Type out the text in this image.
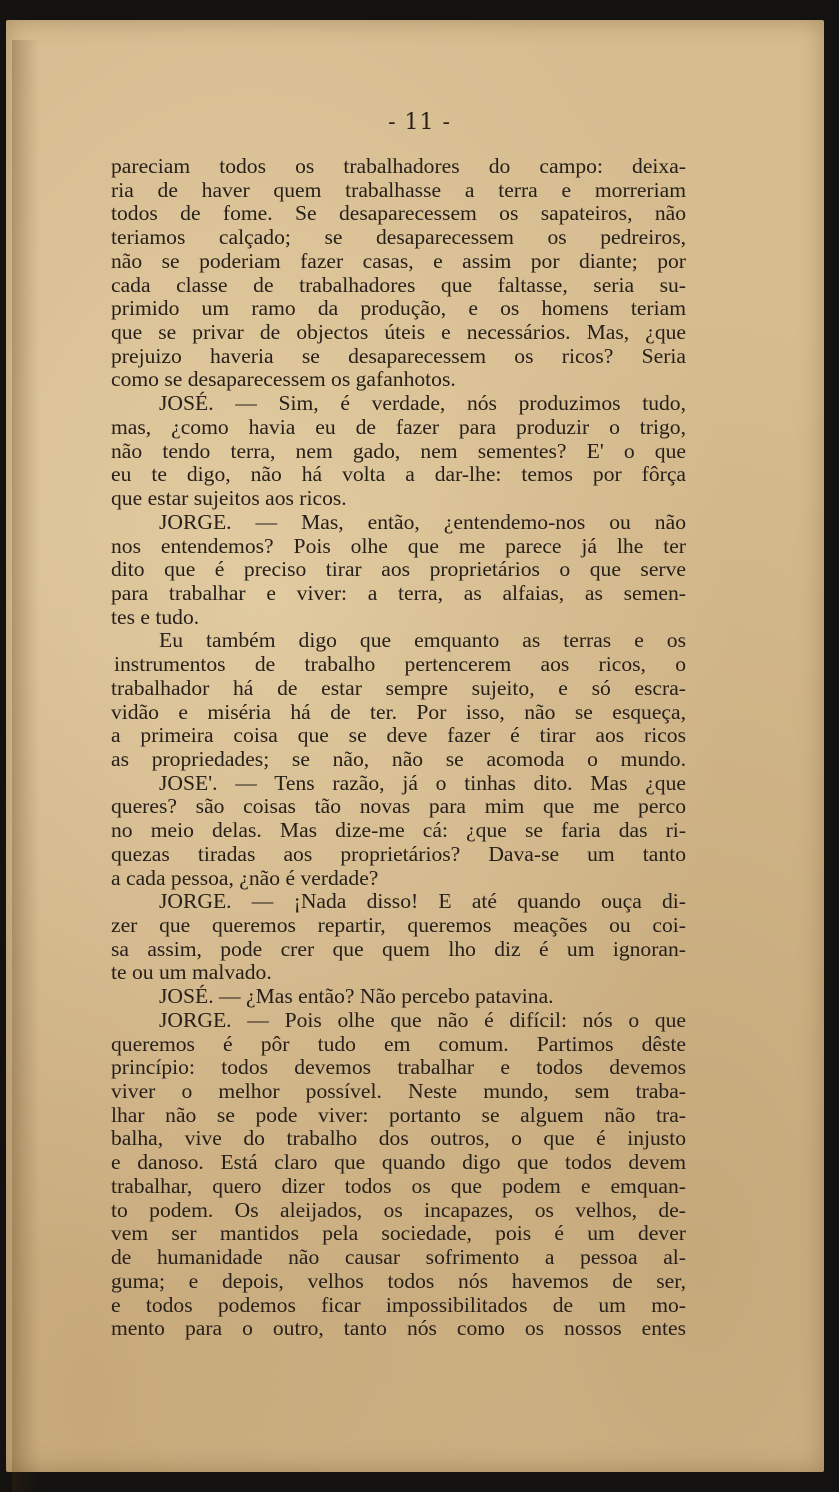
- 11 -
pareciam todos os trabalhadores do campo: deixa-
ria de haver quem trabalhasse a terra e morreriam
todos de fome. Se desaparecessem os sapateiros, não
teriamos calçado; se desaparecessem os pedreiros,
não se poderiam fazer casas, e assim por diante; por
cada classe de trabalhadores que faltasse, seria su-
primido um ramo da produção, e os homens teriam
que se privar de objectos úteis e necessários. Mas, ¿que
prejuizo haveria se desaparecessem os ricos? Seria
como se desaparecessem os gafanhotos.
JOSÉ. — Sim, é verdade, nós produzimos tudo,
mas, ¿como havia eu de fazer para produzir o trigo,
não tendo terra, nem gado, nem sementes? E' o que
eu te digo, não há volta a dar-lhe: temos por fôrça
que estar sujeitos aos ricos.
JORGE. — Mas, então, ¿entendemo-nos ou não
nos entendemos? Pois olhe que me parece já lhe ter
dito que é preciso tirar aos proprietários o que serve
para trabalhar e viver: a terra, as alfaias, as semen-
tes e tudo.
Eu também digo que emquanto as terras e os
instrumentos de trabalho pertencerem aos ricos, o
trabalhador há de estar sempre sujeito, e só escra-
vidão e miséria há de ter. Por isso, não se esqueça,
a primeira coisa que se deve fazer é tirar aos ricos
as propriedades; se não, não se acomoda o mundo.
JOSE'. — Tens razão, já o tinhas dito. Mas ¿que
queres? são coisas tão novas para mim que me perco
no meio delas. Mas dize-me cá: ¿que se faria das ri-
quezas tiradas aos proprietários? Dava-se um tanto
a cada pessoa, ¿não é verdade?
JORGE. — ¡Nada disso! E até quando ouça di-
zer que queremos repartir, queremos meações ou coi-
sa assim, pode crer que quem lho diz é um ignoran-
te ou um malvado.
JOSÉ. — ¿Mas então? Não percebo patavina.
JORGE. — Pois olhe que não é difícil: nós o que
queremos é pôr tudo em comum. Partimos dêste
princípio: todos devemos trabalhar e todos devemos
viver o melhor possível. Neste mundo, sem traba-
lhar não se pode viver: portanto se alguem não tra-
balha, vive do trabalho dos outros, o que é injusto
e danoso. Está claro que quando digo que todos devem
trabalhar, quero dizer todos os que podem e emquan-
to podem. Os aleijados, os incapazes, os velhos, de-
vem ser mantidos pela sociedade, pois é um dever
de humanidade não causar sofrimento a pessoa al-
guma; e depois, velhos todos nós havemos de ser,
e todos podemos ficar impossibilitados de um mo-
mento para o outro, tanto nós como os nossos entes
